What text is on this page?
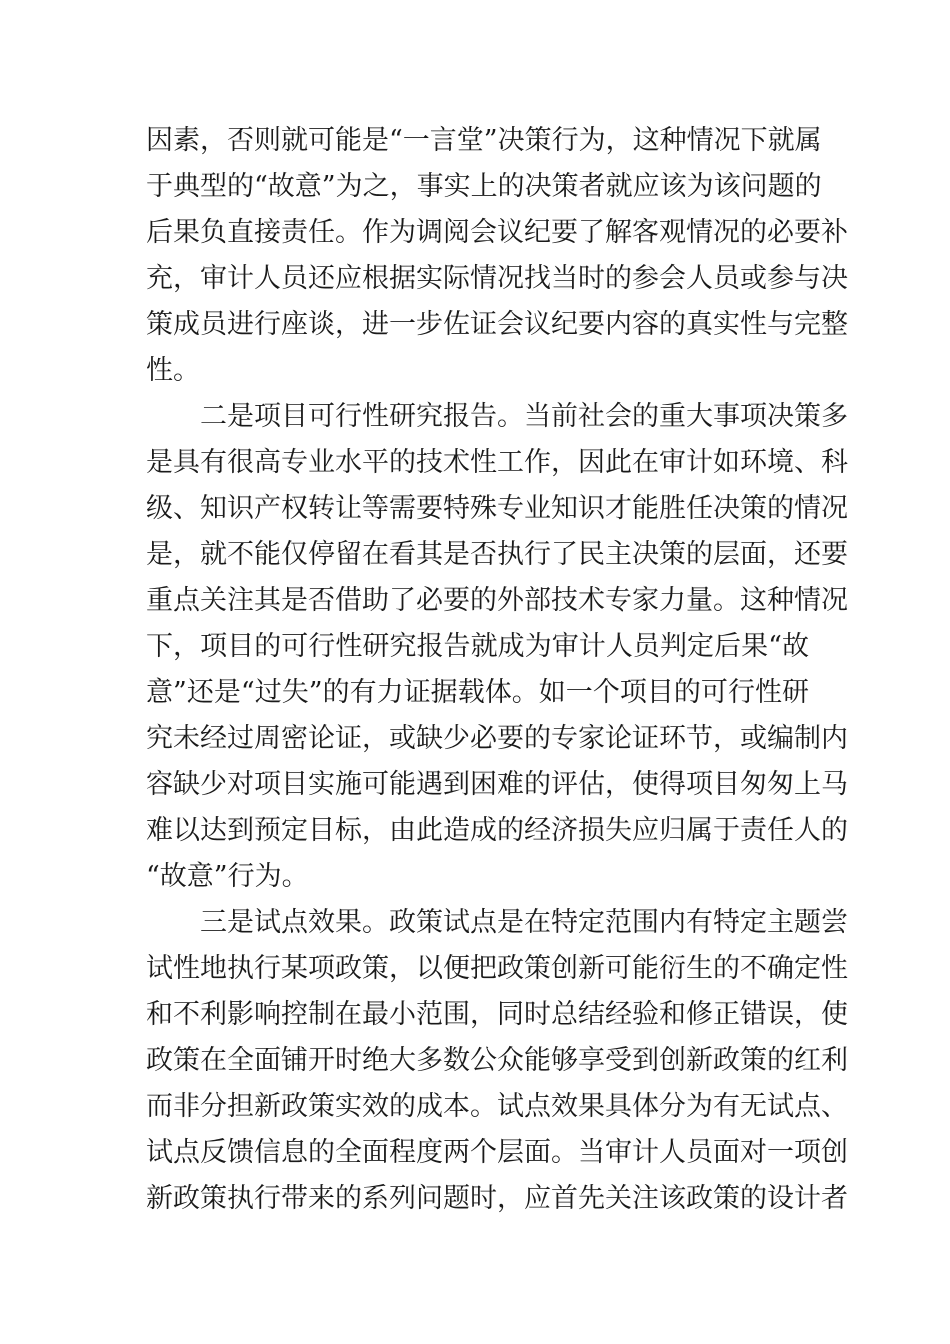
因素，否则就可能是“一言堂”决策行为，这种情况下就属
于典型的“故意”为之，事实上的决策者就应该为该问题的
后果负直接责任。作为调阅会议纪要了解客观情况的必要补
充，审计人员还应根据实际情况找当时的参会人员或参与决
策成员进行座谈，进一步佐证会议纪要内容的真实性与完整
性。
二是项目可行性研究报告。当前社会的重大事项决策多
是具有很高专业水平的技术性工作，因此在审计如环境、科
级、知识产权转让等需要特殊专业知识才能胜任决策的情况
是，就不能仅停留在看其是否执行了民主决策的层面，还要
重点关注其是否借助了必要的外部技术专家力量。这种情况
下，项目的可行性研究报告就成为审计人员判定后果“故
意”还是“过失”的有力证据载体。如一个项目的可行性研
究未经过周密论证，或缺少必要的专家论证环节，或编制内
容缺少对项目实施可能遇到困难的评估，使得项目匆匆上马
难以达到预定目标，由此造成的经济损失应归属于责任人的
“故意”行为。
三是试点效果。政策试点是在特定范围内有特定主题尝
试性地执行某项政策，以便把政策创新可能衍生的不确定性
和不利影响控制在最小范围，同时总结经验和修正错误，使
政策在全面铺开时绝大多数公众能够享受到创新政策的红利
而非分担新政策实效的成本。试点效果具体分为有无试点、
试点反馈信息的全面程度两个层面。当审计人员面对一项创
新政策执行带来的系列问题时，应首先关注该政策的设计者
